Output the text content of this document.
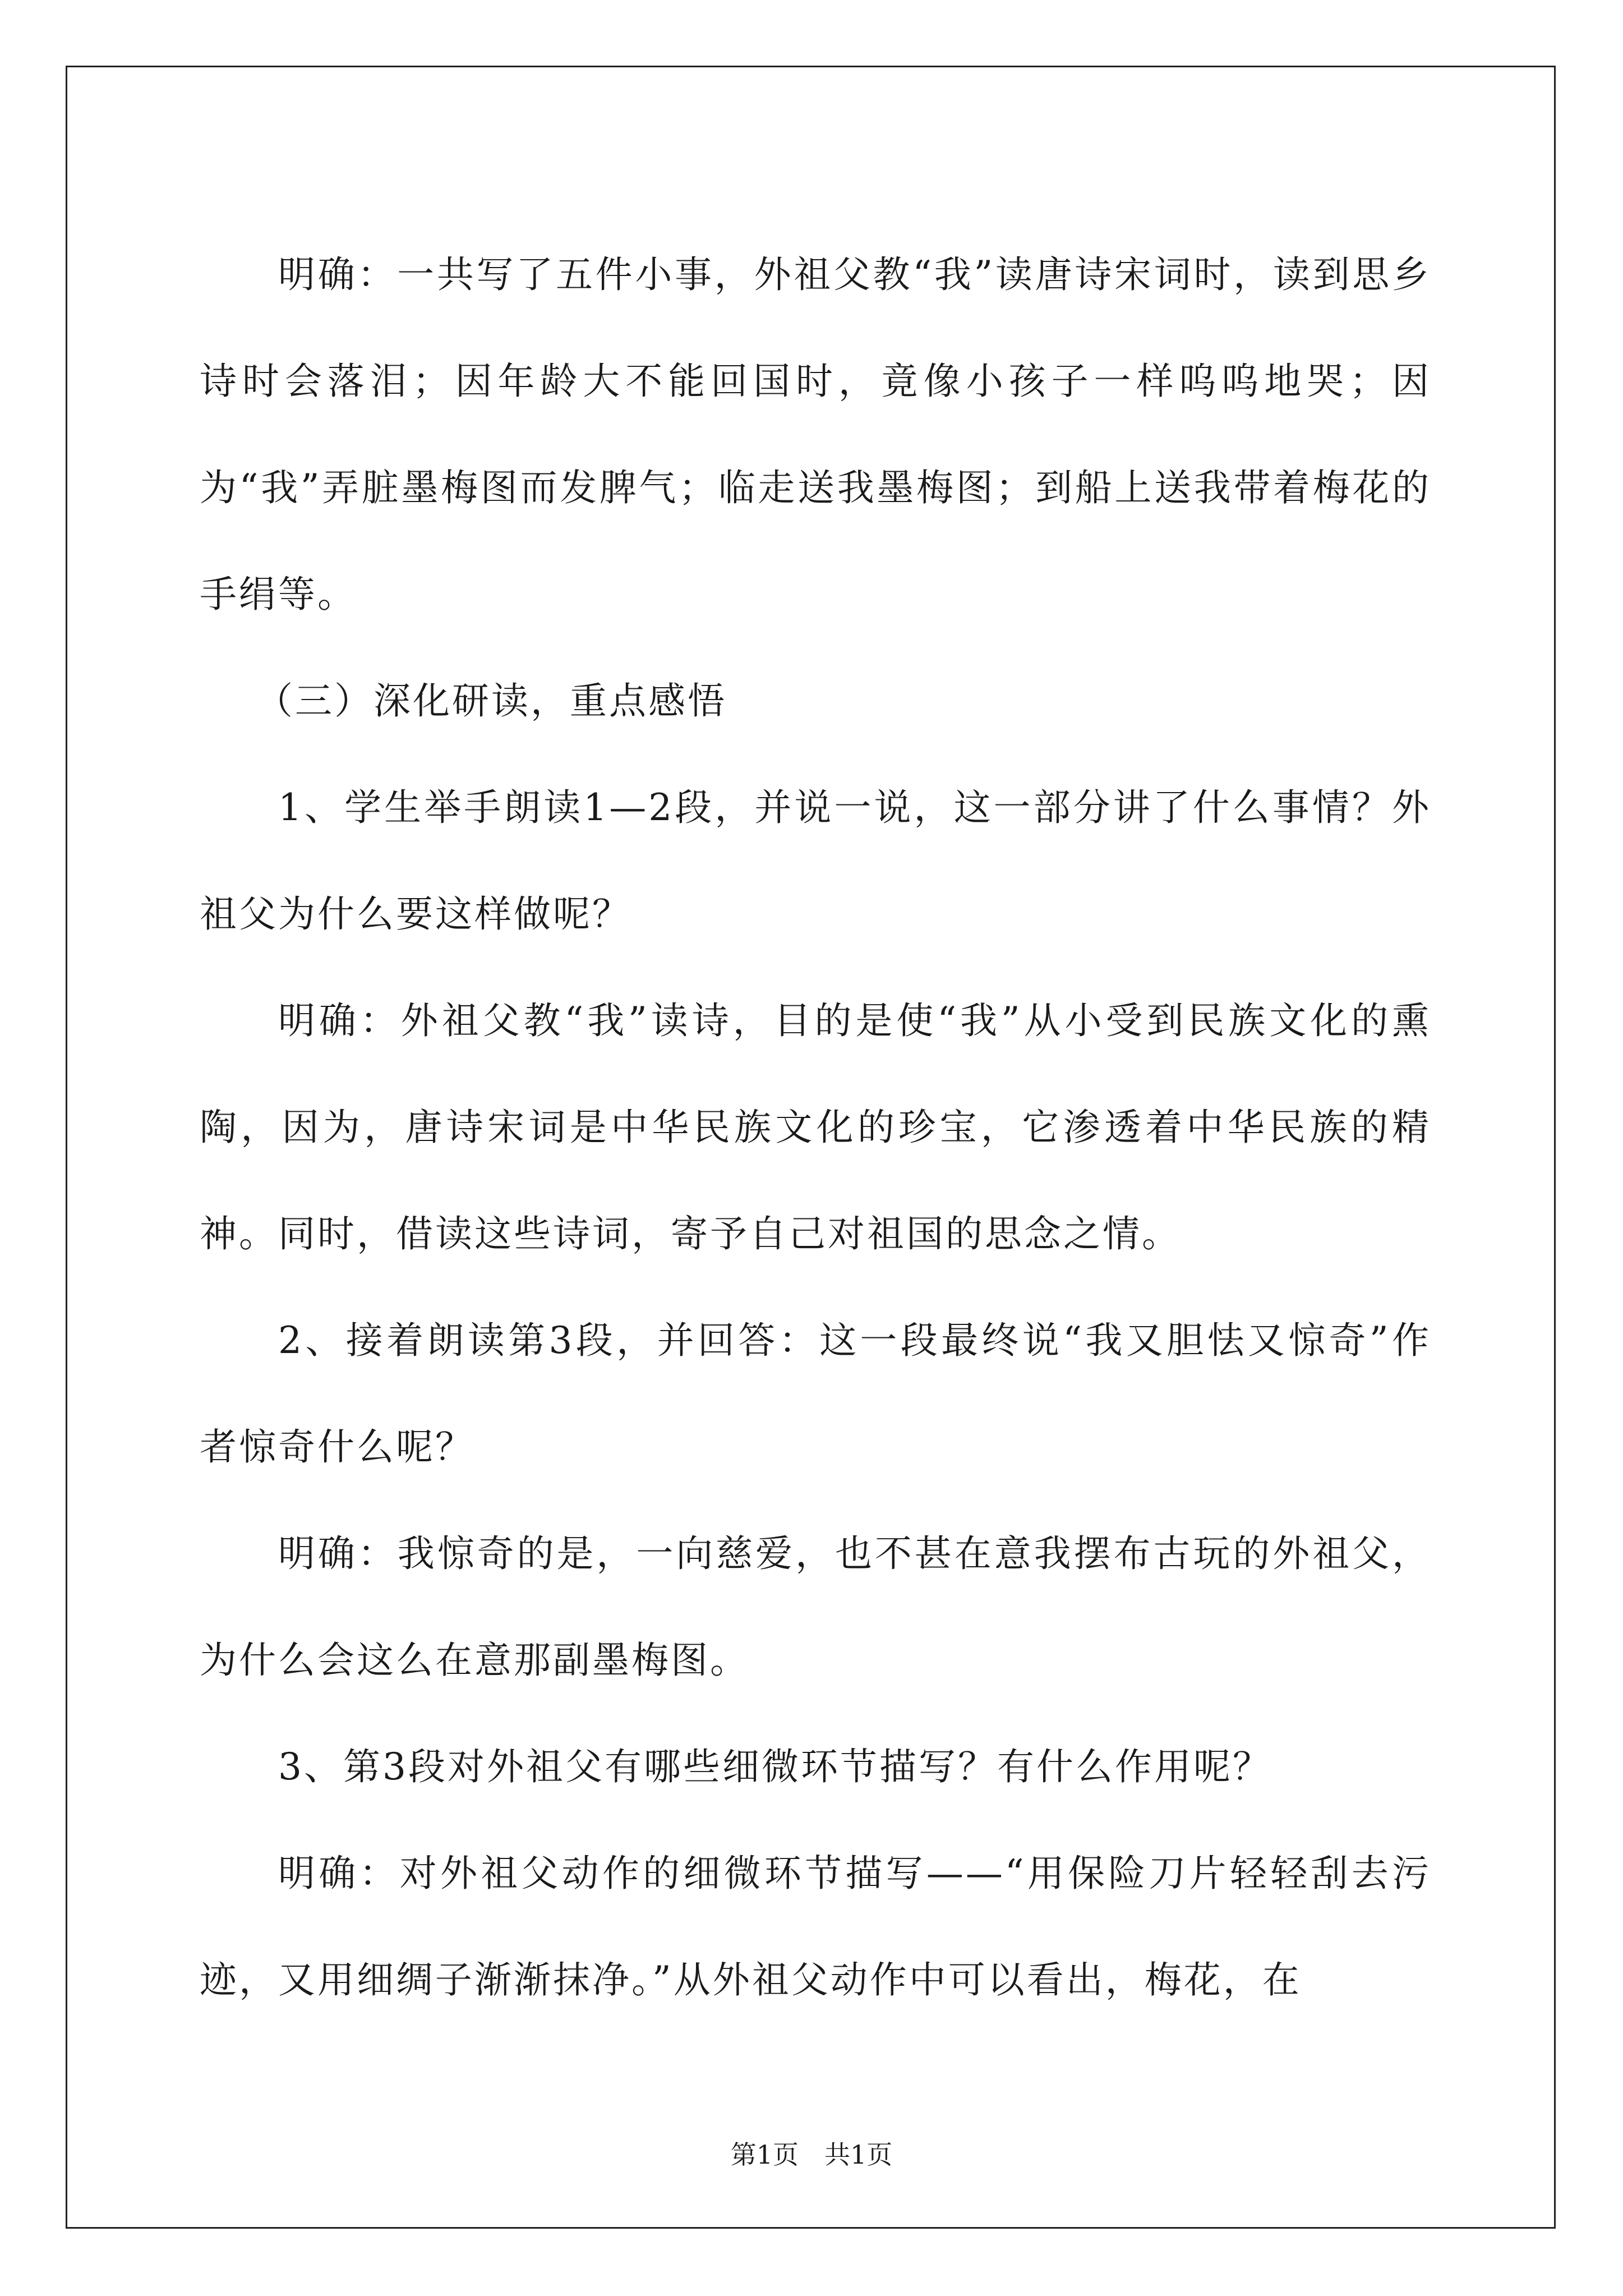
明确：一共写了五件小事，外祖父教“我”读唐诗宋词时，读到思乡诗时会落泪；因年龄大不能回国时，竟像小孩子一样呜呜地哭；因为“我”弄脏墨梅图而发脾气；临走送我墨梅图；到船上送我带着梅花的手绢等。

（三）深化研读，重点感悟

1、学生举手朗读1—2段，并说一说，这一部分讲了什么事情？外祖父为什么要这样做呢？

明确：外祖父教“我”读诗，目的是使“我”从小受到民族文化的熏陶，因为，唐诗宋词是中华民族文化的珍宝，它渗透着中华民族的精神。同时，借读这些诗词，寄予自己对祖国的思念之情。

2、接着朗读第3段，并回答：这一段最终说“我又胆怯又惊奇”作者惊奇什么呢？

明确：我惊奇的是，一向慈爱，也不甚在意我摆布古玩的外祖父，为什么会这么在意那副墨梅图。

3、第3段对外祖父有哪些细微环节描写？有什么作用呢？

明确：对外祖父动作的细微环节描写——“用保险刀片轻轻刮去污迹，又用细绸子渐渐抹净。”从外祖父动作中可以看出，梅花，在

第1页　共1页
